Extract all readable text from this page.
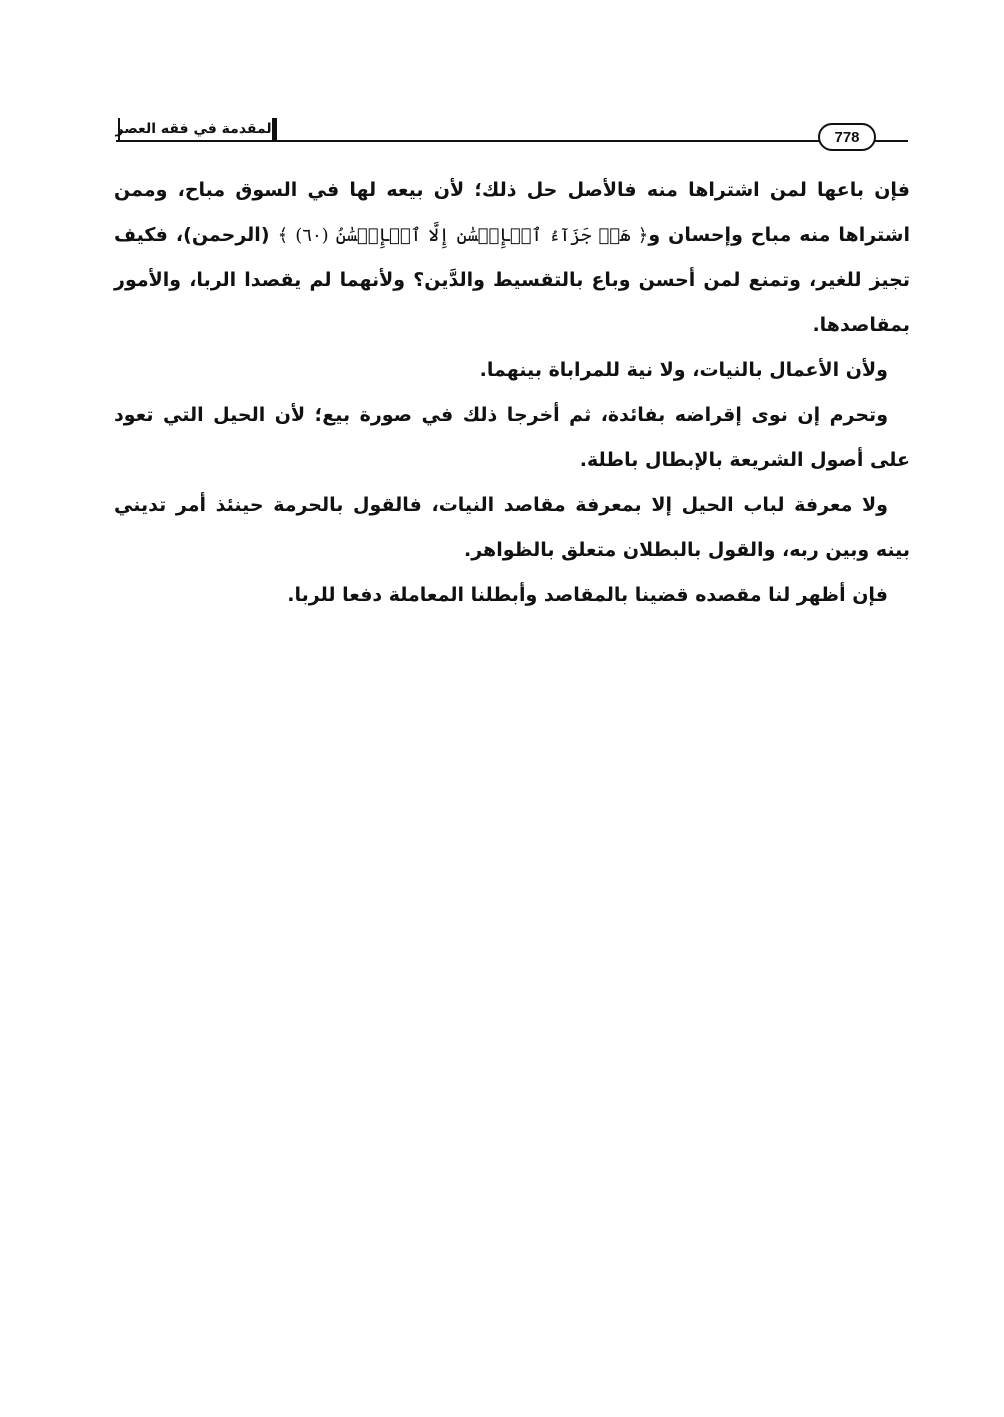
المقدمة في فقه العصر	778

فإن باعها لمن اشتراها منه فالأصل حل ذلك؛ لأن بيعه لها في السوق مباح، وممن اشتراها منه مباح وإحسان و﴿ هَلۡ جَزَآءُ ٱلۡإِحۡسَٰنِ إِلَّا ٱلۡإِحۡسَٰنُ (٦٠) ﴾ (الرحمن)، فكيف تجيز للغير، وتمنع لمن أحسن وباع بالتقسيط والدَّين؟ ولأنهما لم يقصدا الربا، والأمور بمقاصدها.

ولأن الأعمال بالنيات، ولا نية للمراباة بينهما.

وتحرم إن نوى إقراضه بفائدة، ثم أخرجا ذلك في صورة بيع؛ لأن الحيل التي تعود على أصول الشريعة بالإبطال باطلة.

ولا معرفة لباب الحيل إلا بمعرفة مقاصد النيات، فالقول بالحرمة حينئذ أمر تديني بينه وبين ربه، والقول بالبطلان متعلق بالظواهر.

فإن أظهر لنا مقصده قضينا بالمقاصد وأبطلنا المعاملة دفعا للربا.
